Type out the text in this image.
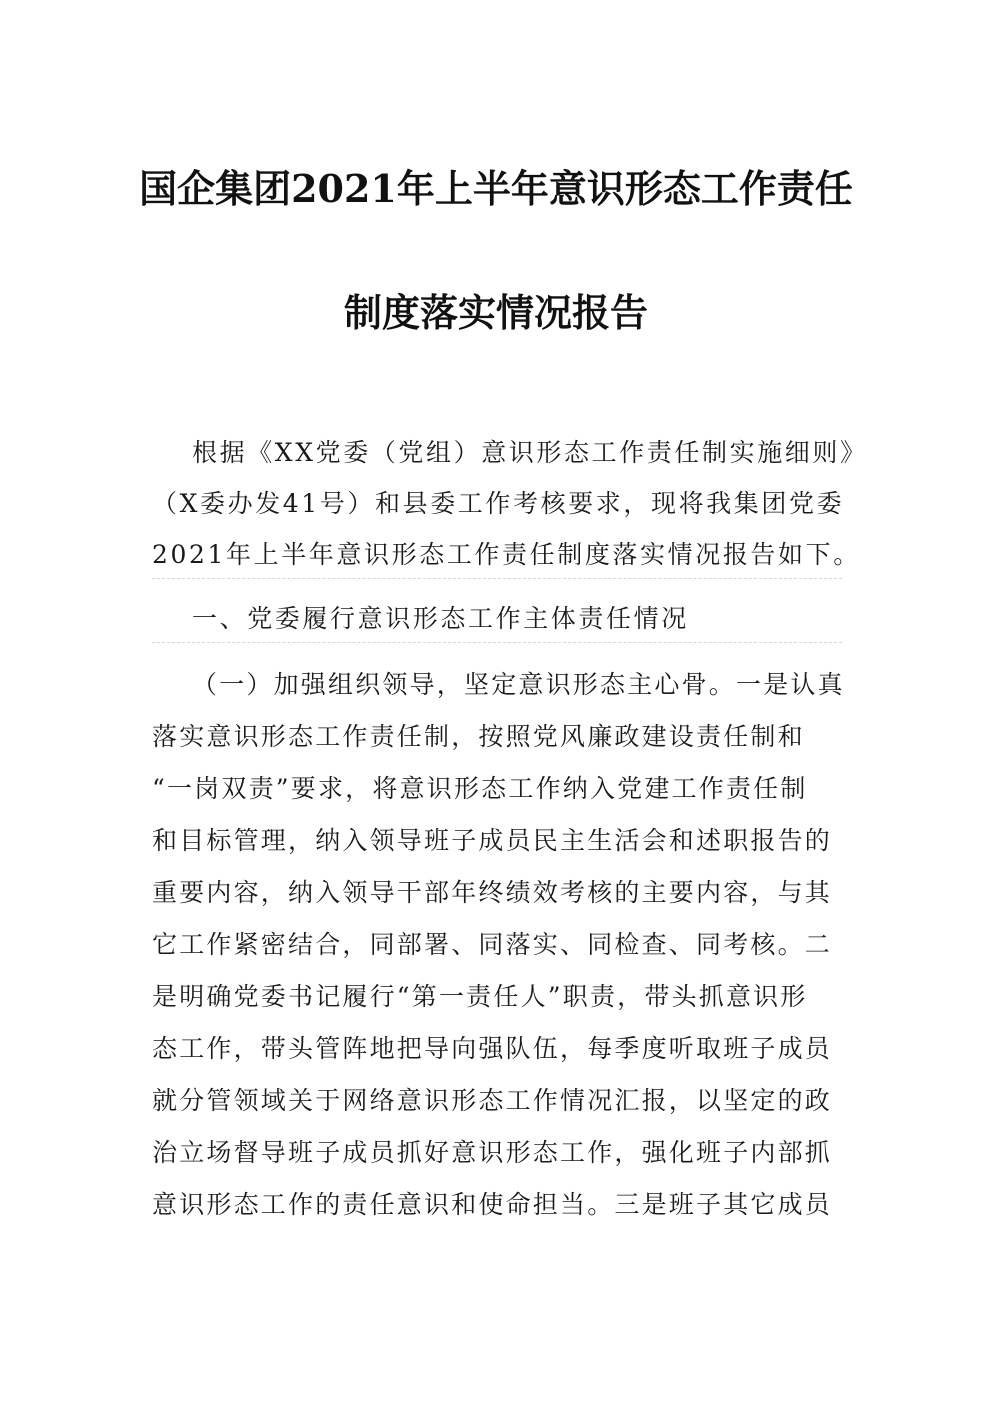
国企集团2021年上半年意识形态工作责任
制度落实情况报告
根据《XX党委（党组）意识形态工作责任制实施细则》
（X委办发41号）和县委工作考核要求，现将我集团党委
2021年上半年意识形态工作责任制度落实情况报告如下。
一、党委履行意识形态工作主体责任情况
（一）加强组织领导，坚定意识形态主心骨。一是认真
落实意识形态工作责任制，按照党风廉政建设责任制和
“一岗双责”要求，将意识形态工作纳入党建工作责任制
和目标管理，纳入领导班子成员民主生活会和述职报告的
重要内容，纳入领导干部年终绩效考核的主要内容，与其
它工作紧密结合，同部署、同落实、同检查、同考核。二
是明确党委书记履行“第一责任人”职责，带头抓意识形
态工作，带头管阵地把导向强队伍，每季度听取班子成员
就分管领域关于网络意识形态工作情况汇报，以坚定的政
治立场督导班子成员抓好意识形态工作，强化班子内部抓
意识形态工作的责任意识和使命担当。三是班子其它成员
